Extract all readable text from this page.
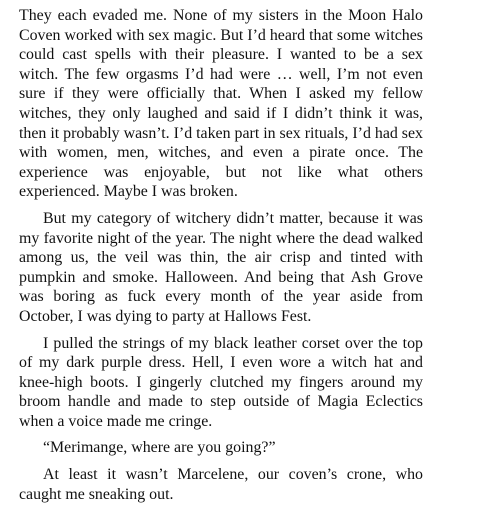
They each evaded me. None of my sisters in the Moon Halo Coven worked with sex magic. But I’d heard that some witches could cast spells with their pleasure. I wanted to be a sex witch. The few orgasms I’d had were … well, I’m not even sure if they were officially that. When I asked my fellow witches, they only laughed and said if I didn’t think it was, then it probably wasn’t. I’d taken part in sex rituals, I’d had sex with women, men, witches, and even a pirate once. The experience was enjoyable, but not like what others experienced. Maybe I was broken.

But my category of witchery didn’t matter, because it was my favorite night of the year. The night where the dead walked among us, the veil was thin, the air crisp and tinted with pumpkin and smoke. Halloween. And being that Ash Grove was boring as fuck every month of the year aside from October, I was dying to party at Hallows Fest.

I pulled the strings of my black leather corset over the top of my dark purple dress. Hell, I even wore a witch hat and knee-high boots. I gingerly clutched my fingers around my broom handle and made to step outside of Magia Eclectics when a voice made me cringe.

“Merimange, where are you going?”

At least it wasn’t Marcelene, our coven’s crone, who caught me sneaking out.
